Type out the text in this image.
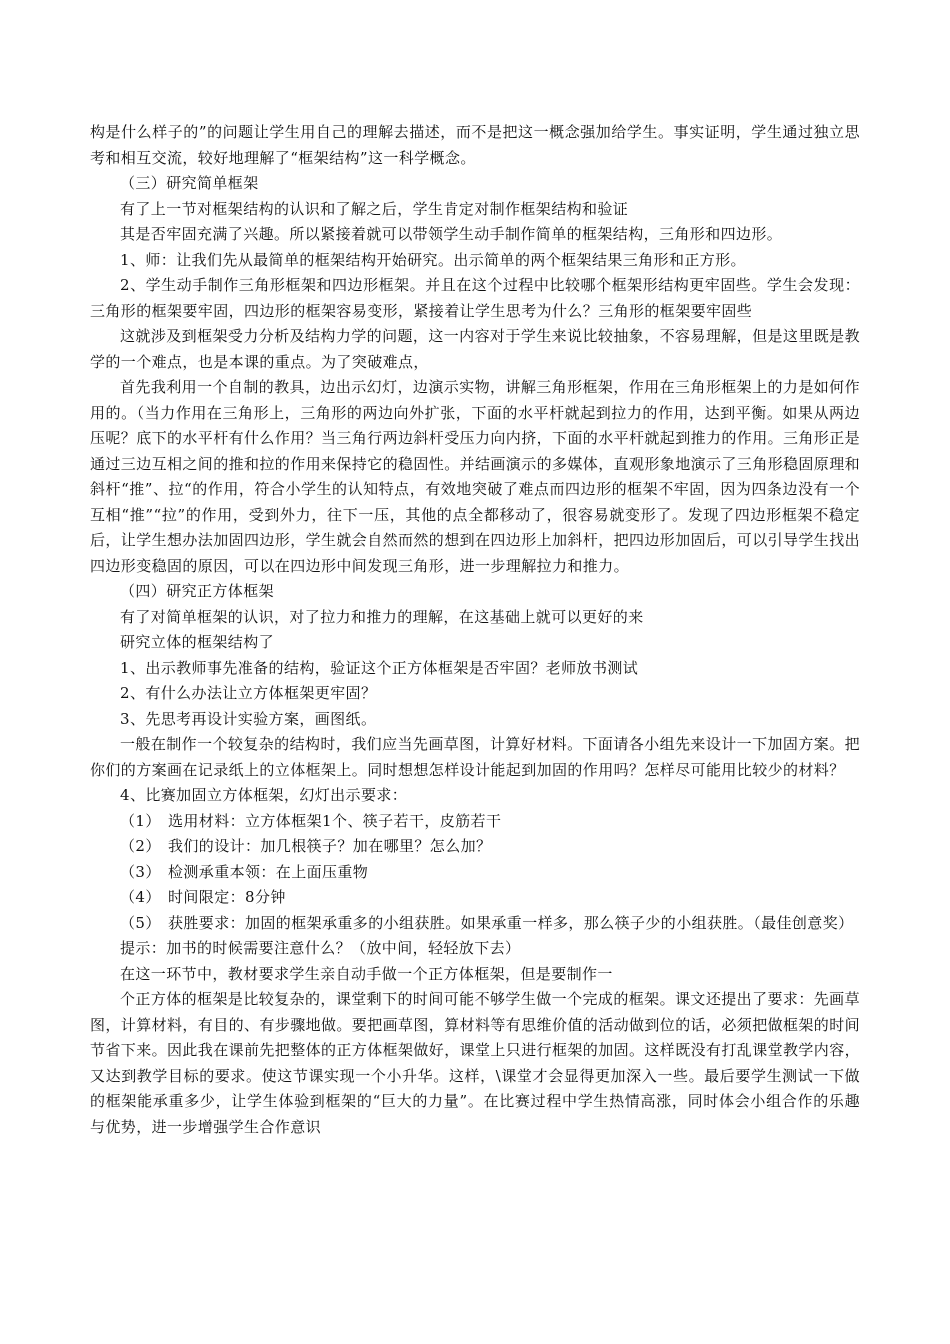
构是什么样子的”的问题让学生用自己的理解去描述，而不是把这一概念强加给学生。事实证明，学生通过独立思考和相互交流，较好地理解了“框架结构”这一科学概念。

（三）研究简单框架

有了上一节对框架结构的认识和了解之后，学生肯定对制作框架结构和验证

其是否牢固充满了兴趣。所以紧接着就可以带领学生动手制作简单的框架结构，三角形和四边形。

1、师：让我们先从最简单的框架结构开始研究。出示简单的两个框架结果三角形和正方形。

2、学生动手制作三角形框架和四边形框架。并且在这个过程中比较哪个框架形结构更牢固些。学生会发现：三角形的框架要牢固，四边形的框架容易变形，紧接着让学生思考为什么？三角形的框架要牢固些

这就涉及到框架受力分析及结构力学的问题，这一内容对于学生来说比较抽象，不容易理解，但是这里既是教学的一个难点，也是本课的重点。为了突破难点，

首先我利用一个自制的教具，边出示幻灯，边演示实物，讲解三角形框架，作用在三角形框架上的力是如何作用的。（当力作用在三角形上，三角形的两边向外扩张，下面的水平杆就起到拉力的作用，达到平衡。如果从两边压呢？底下的水平杆有什么作用？当三角行两边斜杆受压力向内挤，下面的水平杆就起到推力的作用。三角形正是通过三边互相之间的推和拉的作用来保持它的稳固性。并结画演示的多媒体，直观形象地演示了三角形稳固原理和斜杆“推”、拉“的作用，符合小学生的认知特点，有效地突破了难点而四边形的框架不牢固，因为四条边没有一个互相“推”“拉”的作用，受到外力，往下一压，其他的点全都移动了，很容易就变形了。发现了四边形框架不稳定后，让学生想办法加固四边形，学生就会自然而然的想到在四边形上加斜杆，把四边形加固后，可以引导学生找出四边形变稳固的原因，可以在四边形中间发现三角形，进一步理解拉力和推力。

（四）研究正方体框架

有了对简单框架的认识，对了拉力和推力的理解，在这基础上就可以更好的来

研究立体的框架结构了

1、出示教师事先准备的结构，验证这个正方体框架是否牢固？老师放书测试

2、有什么办法让立方体框架更牢固？

3、先思考再设计实验方案，画图纸。

一般在制作一个较复杂的结构时，我们应当先画草图，计算好材料。下面请各小组先来设计一下加固方案。把你们的方案画在记录纸上的立体框架上。同时想想怎样设计能起到加固的作用吗？怎样尽可能用比较少的材料？

4、比赛加固立方体框架，幻灯出示要求：

（1） 选用材料：立方体框架1个、筷子若干，皮筋若干

（2） 我们的设计：加几根筷子？加在哪里？怎么加？

（3） 检测承重本领：在上面压重物

（4） 时间限定：8分钟

（5） 获胜要求：加固的框架承重多的小组获胜。如果承重一样多，那么筷子少的小组获胜。（最佳创意奖）

提示：加书的时候需要注意什么？（放中间，轻轻放下去）

在这一环节中，教材要求学生亲自动手做一个正方体框架，但是要制作一

个正方体的框架是比较复杂的，课堂剩下的时间可能不够学生做一个完成的框架。课文还提出了要求：先画草图，计算材料，有目的、有步骤地做。要把画草图，算材料等有思维价值的活动做到位的话，必须把做框架的时间节省下来。因此我在课前先把整体的正方体框架做好，课堂上只进行框架的加固。这样既没有打乱课堂教学内容，又达到教学目标的要求。使这节课实现一个小升华。这样，\课堂才会显得更加深入一些。最后要学生测试一下做的框架能承重多少，让学生体验到框架的“巨大的力量”。在比赛过程中学生热情高涨，同时体会小组合作的乐趣与优势，进一步增强学生合作意识
